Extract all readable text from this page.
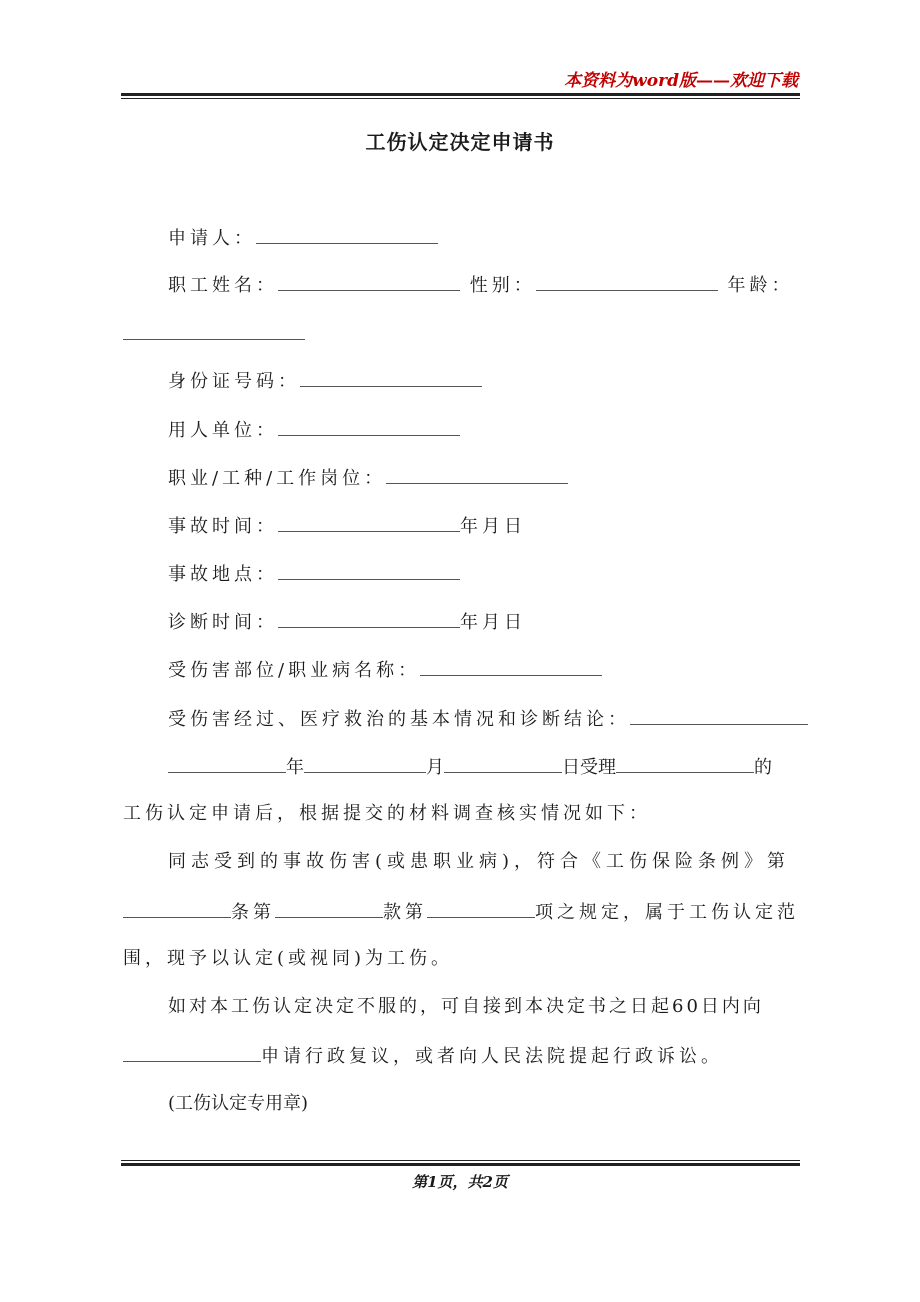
本资料为word版——欢迎下载
工伤认定决定申请书
申请人：
职工姓名：	性别：	年龄：
身份证号码：
用人单位：
职业/工种/工作岗位：
事故时间：	年月日
事故地点：
诊断时间：	年月日
受伤害部位/职业病名称：
受伤害经过、医疗救治的基本情况和诊断结论：
年	月	日受理	的
工伤认定申请后，根据提交的材料调查核实情况如下：
同志受到的事故伤害(或患职业病)，符合《工伤保险条例》第
条第	款第	项之规定，属于工伤认定范
围，现予以认定(或视同)为工伤。
如对本工伤认定决定不服的，可自接到本决定书之日起60日内向
申请行政复议，或者向人民法院提起行政诉讼。
(工伤认定专用章)
第1页，共2页
